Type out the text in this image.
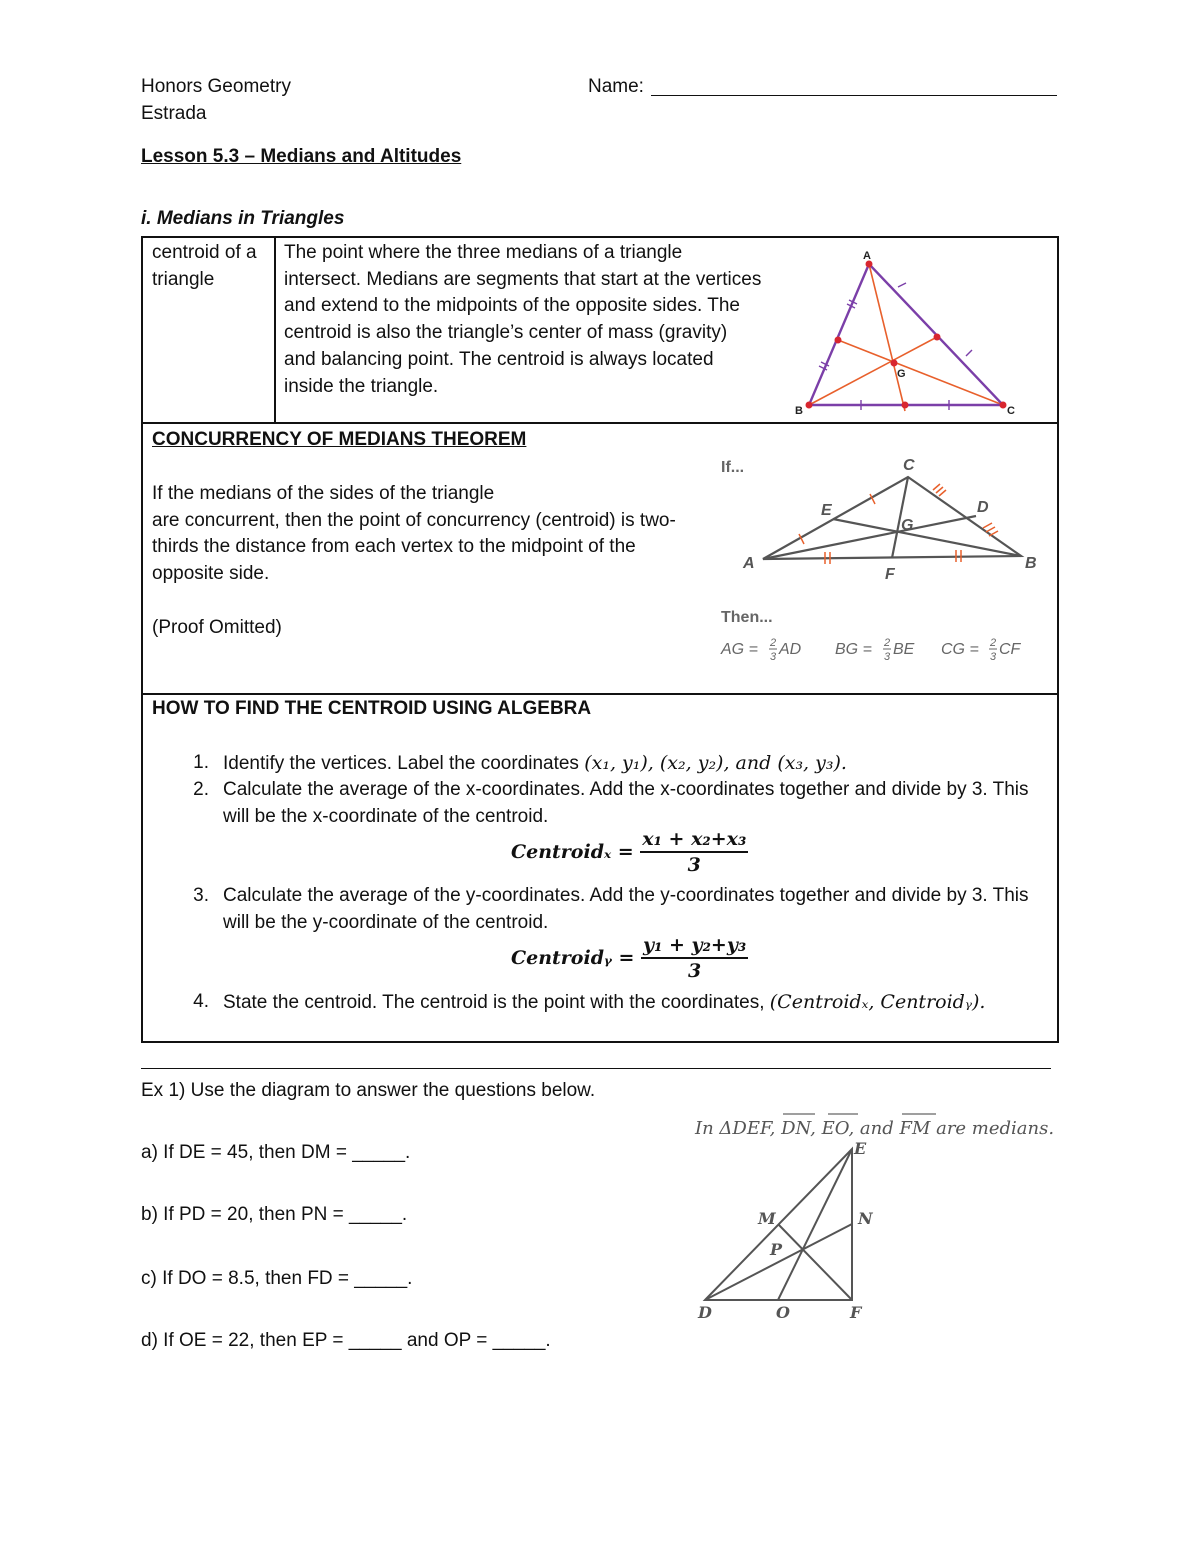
Honors Geometry
Estrada
Name:
Lesson 5.3 – Medians and Altitudes
i. Medians in Triangles
centroid of a
triangle
The point where the three medians of a triangle
intersect. Medians are segments that start at the vertices
and extend to the midpoints of the opposite sides. The
centroid is also the triangle’s center of mass (gravity)
and balancing point. The centroid is always located
inside the triangle.
A
B	C
G
CONCURRENCY OF MEDIANS THEOREM
If the medians of the sides of the triangle
are concurrent, then the point of concurrency (centroid) is two-
thirds the distance from each vertex to the midpoint of the
opposite side.
(Proof Omitted)
If...
Then...
A	B
C
D
E
F
G
AG = 2
3 AD BG = 2
3 BE CG = 2
3 CF
HOW TO FIND THE CENTROID USING ALGEBRA
1. Identify the vertices. Label the coordinates (x₁, y₁), (x₂, y₂), and (x₃, y₃).
2. Calculate the average of the x-coordinates. Add the x-coordinates together and divide by 3. This
will be the x-coordinate of the centroid.
Centroidₓ = $\frac{\text{x₁ + x₂+x₃}}{3}$
3. Calculate the average of the y-coordinates. Add the y-coordinates together and divide by 3. This
will be the y-coordinate of the centroid.
Centroidᵧ = $\frac{\text{y₁ + y₂+y₃}}{3}$
4. State the centroid. The centroid is the point with the coordinates, (Centroidₓ, Centroidᵧ).
Ex 1) Use the diagram to answer the questions below.
a) If DE = 45, then DM = _____.
b) If PD = 20, then PN = _____.
c) If DO = 8.5, then FD = _____.
d) If OE = 22, then EP = _____ and OP = _____.
In ΔDEF, DN, EO, and FM are medians.
D
E
F
M	N
O
P
